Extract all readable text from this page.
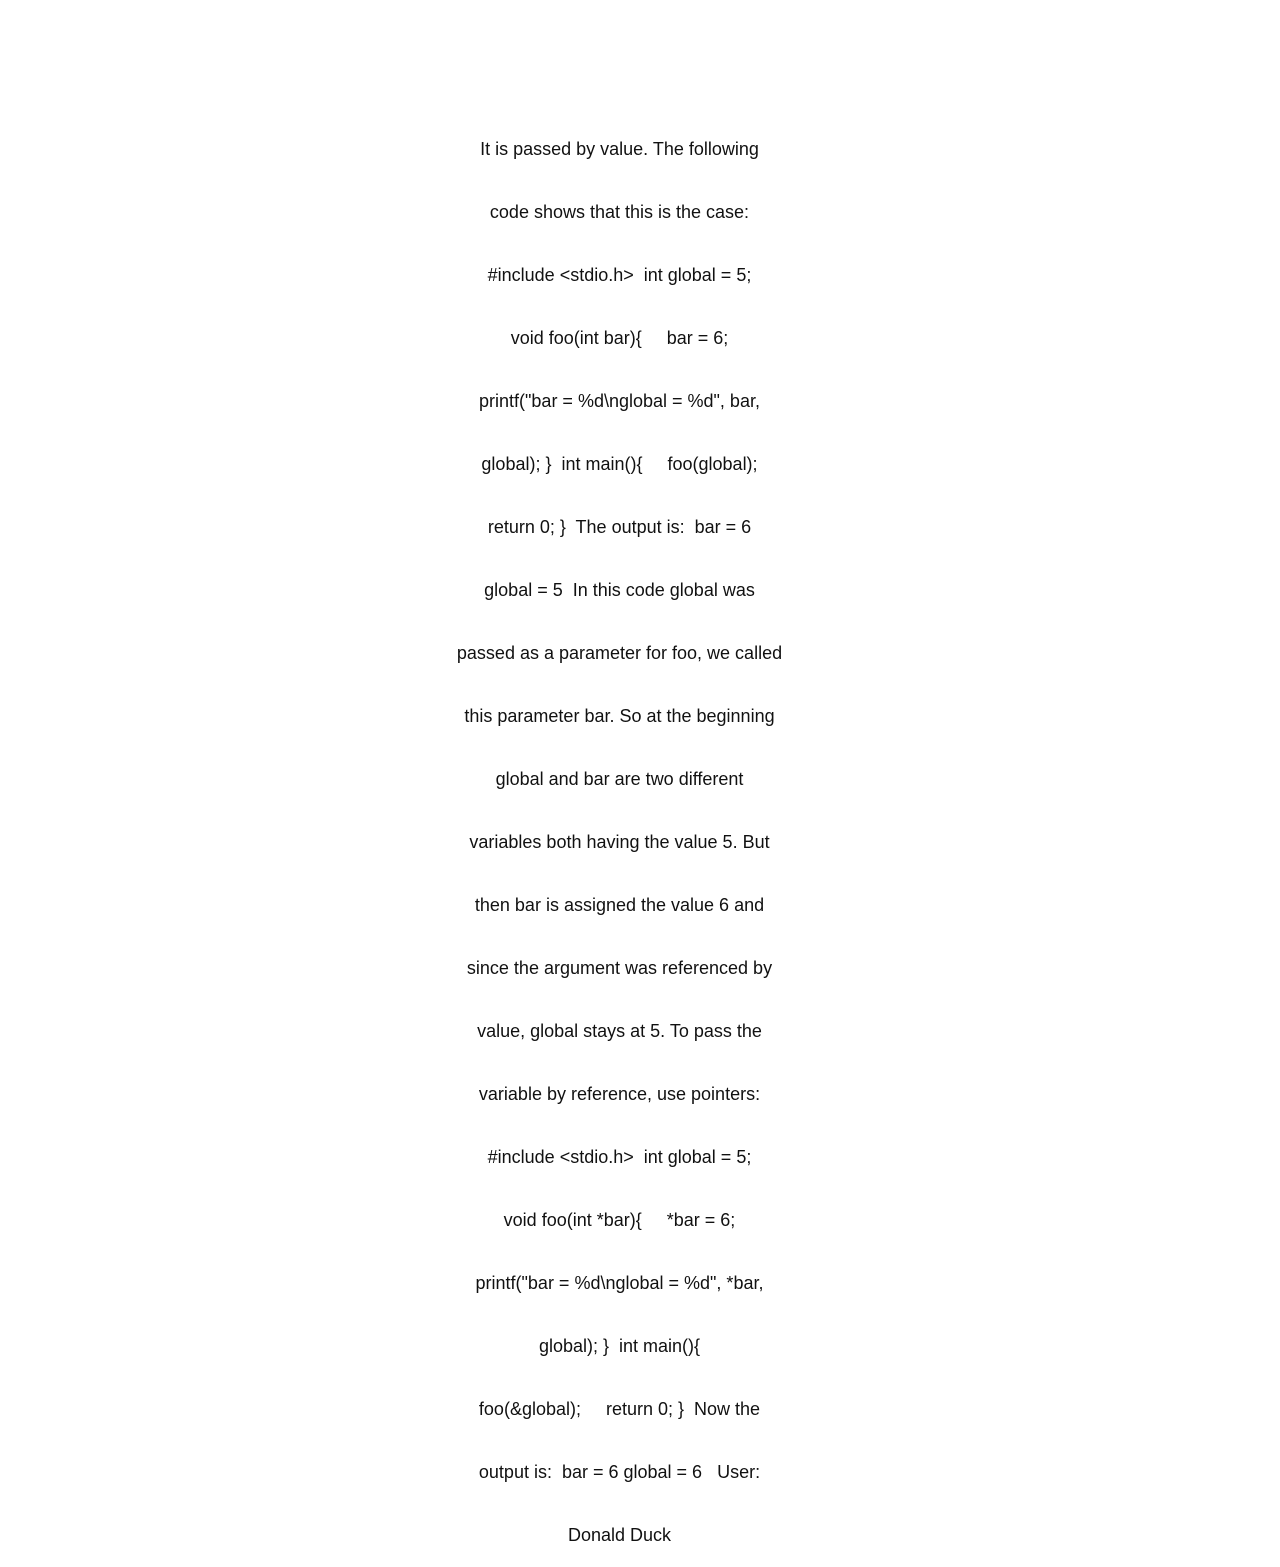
It is passed by value. The following

code shows that this is the case:

#include <stdio.h>  int global = 5;

void foo(int bar){     bar = 6;

printf("bar = %d\nglobal = %d", bar,

global); }  int main(){     foo(global);

return 0; }  The output is:  bar = 6

global = 5  In this code global was

passed as a parameter for foo, we called

this parameter bar. So at the beginning

global and bar are two different

variables both having the value 5. But

then bar is assigned the value 6 and

since the argument was referenced by

value, global stays at 5. To pass the

variable by reference, use pointers:

#include <stdio.h>  int global = 5;

void foo(int *bar){     *bar = 6;

printf("bar = %d\nglobal = %d", *bar,

global); }  int main(){

foo(&global);     return 0; }  Now the

output is:  bar = 6 global = 6   User:

Donald Duck
